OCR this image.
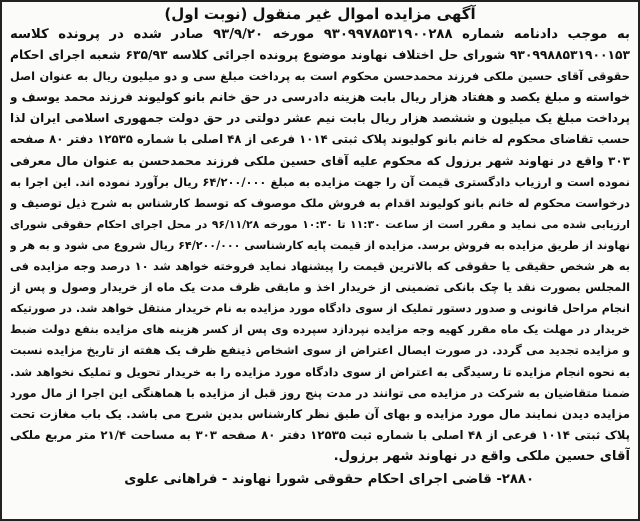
آگهی مزایده اموال غیر منقول (نوبت اول)
به موجب دادنامه شماره ۹۳۰۹۹۷۸۵۳۱۹۰۰۲۸۸ مورخه ۹۳/۹/۲۰ صادر شده در پرونده کلاسه
۹۳۰۹۹۸۸۵۳۱۹۰۰۱۵۳ شورای حل اختلاف نهاوند موضوع پرونده اجرائی کلاسه ۶۳۵/۹۳ شعبه اجرای احکام
حقوقی آقای حسین ملکی فرزند محمدحسن محکوم است به پرداخت مبلغ سی و دو میلیون ریال به عنوان اصل
خواسته و مبلغ یکصد و هفتاد هزار ریال بابت هزینه دادرسی در حق خانم بانو کولیوند فرزند محمد یوسف و
پرداخت مبلغ یک میلیون و ششصد هزار ریال بابت نیم عشر دولتی در حق دولت جمهوری اسلامی ایران لذا
حسب تقاضای محکوم له خانم بانو کولیوند پلاک ثبتی ۱۰۱۴ فرعی از ۴۸ اصلی با شماره ۱۲۵۳۵ دفتر ۸۰ صفحه
۳۰۳ واقع در نهاوند شهر برزول که محکوم علیه آقای حسین ملکی فرزند محمدحسن به عنوان مال معرفی
نموده است و ارزیاب دادگستری قیمت آن را جهت مزایده به مبلغ ۶۴/۲۰۰/۰۰۰ ریال برآورد نموده اند. این اجرا به
درخواست محکوم له خانم بانو کولیوند اقدام به فروش ملک موصوف که توسط کارشناس به شرح ذیل توصیف و
ارزیابی شده می نماید و مقرر است از ساعت ۱۱:۳۰ تا ۱۰:۳۰ مورخه ۹۶/۱۱/۲۸ در محل اجرای احکام حقوقی شورای
نهاوند از طریق مزایده به فروش برسد. مزایده از قیمت پایه کارشناسی ۶۴/۲۰۰/۰۰۰ ریال شروع می شود و به هر و
به هر شخص حقیقی یا حقوقی که بالاترین قیمت را پیشنهاد نماید فروخته خواهد شد ۱۰ درصد وجه مزایده فی
المجلس بصورت نقد یا چک بانکی تضمینی از خریدار اخذ و مابقی ظرف مدت یک ماه از خریدار وصول و پس از
انجام مراحل قانونی و صدور دستور تملیک از سوی دادگاه مورد مزایده به نام خریدار منتقل خواهد شد. در صورتیکه
خریدار در مهلت یک ماه مقرر کهیه وجه مزایده نپردازد سپرده وی پس از کسر هزینه های مزایده بنفع دولت ضبط
و مزایده تجدید می گردد. در صورت ایصال اعتراض از سوی اشخاص ذینفع ظرف یک هفته از تاریخ مزایده نسبت
به نحوه انجام مزایده تا رسیدگی به اعتراض از سوی دادگاه مورد مزایده را به خریدار تحویل و تملیک نخواهد شد.
ضمنا متقاضیان به شرکت در مزایده می توانند در مدت پنج روز قبل از مزایده با هماهنگی این اجرا از مال مورد
مزایده دیدن نمایند مال مورد مزایده و بهای آن طبق نظر کارشناس بدین شرح می باشد. یک باب مغازت تحت
پلاک ثبتی ۱۰۱۴ فرعی از ۴۸ اصلی با شماره ثبت ۱۲۵۳۵ دفتر ۸۰ صفحه ۳۰۳ به مساحت ۲۱/۴ متر مربع ملکی
آقای حسین ملکی واقع در نهاوند شهر برزول.
۲۸۸۰- قاضی اجرای احکام حقوقی شورا نهاوند - فراهانی علوی
